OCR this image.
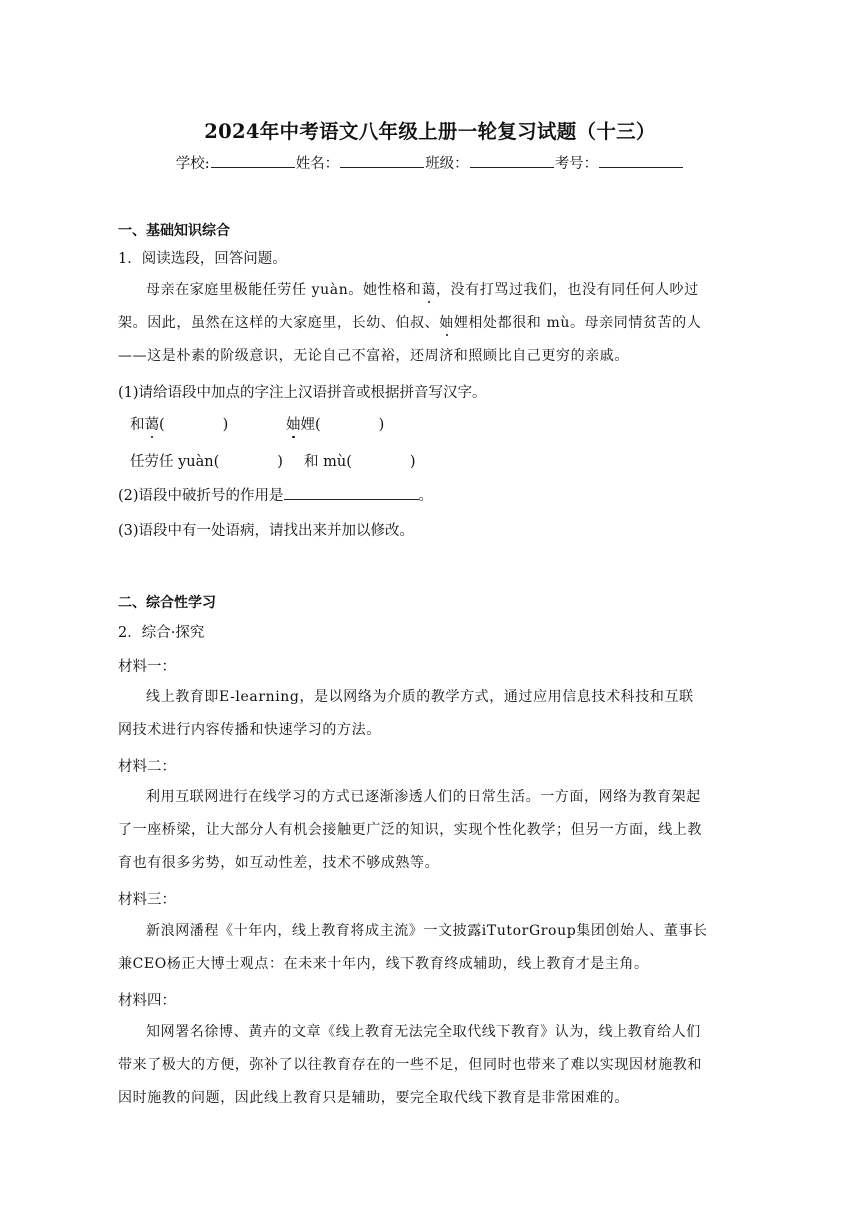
2024年中考语文八年级上册一轮复习试题（十三）
学校:	姓名：	班级：	考号：
一、基础知识综合
1．阅读选段，回答问题。
母亲在家庭里极能任劳任 yuàn。她性格和蔼，没有打骂过我们，也没有同任何人吵过
架。因此，虽然在这样的大家庭里，长幼、伯叔、妯娌相处都很和 mù。母亲同情贫苦的人
——这是朴素的阶级意识，无论自己不富裕，还周济和照顾比自己更穷的亲戚。
(1)请给语段中加点的字注上汉语拼音或根据拼音写汉字。
和蔼(	)	妯娌(	)
任劳任 yuàn(	) 和 mù(	)
(2)语段中破折号的作用是	。
(3)语段中有一处语病，请找出来并加以修改。
二、综合性学习
2．综合·探究
材料一：
线上教育即E-learning，是以网络为介质的教学方式，通过应用信息技术科技和互联
网技术进行内容传播和快速学习的方法。
材料二：
利用互联网进行在线学习的方式已逐渐渗透人们的日常生活。一方面，网络为教育架起
了一座桥梁，让大部分人有机会接触更广泛的知识，实现个性化教学；但另一方面，线上教
育也有很多劣势，如互动性差，技术不够成熟等。
材料三：
新浪网潘程《十年内，线上教育将成主流》一文披露iTutorGroup集团创始人、董事长
兼CEO杨正大博士观点：在未来十年内，线下教育终成辅助，线上教育才是主角。
材料四：
知网署名徐博、黄卉的文章《线上教育无法完全取代线下教育》认为，线上教育给人们
带来了极大的方便，弥补了以往教育存在的一些不足，但同时也带来了难以实现因材施教和
因时施教的问题，因此线上教育只是辅助，要完全取代线下教育是非常困难的。
